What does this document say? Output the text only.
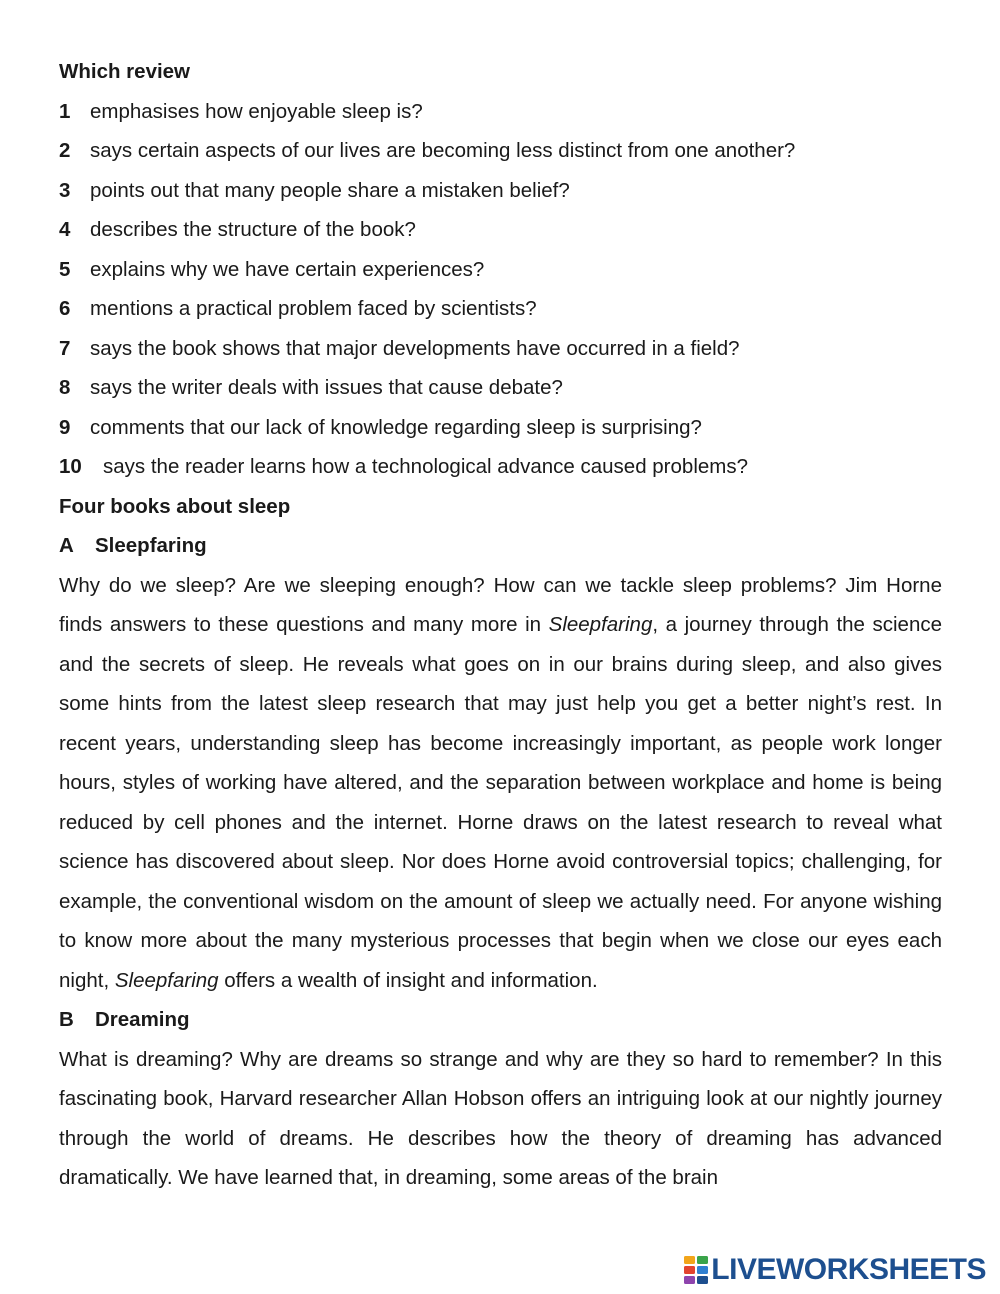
Which review
1 emphasises how enjoyable sleep is?
2 says certain aspects of our lives are becoming less distinct from one another?
3 points out that many people share a mistaken belief?
4 describes the structure of the book?
5 explains why we have certain experiences?
6 mentions a practical problem faced by scientists?
7 says the book shows that major developments have occurred in a field?
8 says the writer deals with issues that cause debate?
9 comments that our lack of knowledge regarding sleep is surprising?
10 says the reader learns how a technological advance caused problems?
Four books about sleep
A Sleepfaring
Why do we sleep? Are we sleeping enough? How can we tackle sleep problems? Jim Horne finds answers to these questions and many more in Sleepfaring, a journey through the science and the secrets of sleep. He reveals what goes on in our brains during sleep, and also gives some hints from the latest sleep research that may just help you get a better night’s rest. In recent years, understanding sleep has become increasingly important, as people work longer hours, styles of working have altered, and the separation between workplace and home is being reduced by cell phones and the internet. Horne draws on the latest research to reveal what science has discovered about sleep. Nor does Horne avoid controversial topics; challenging, for example, the conventional wisdom on the amount of sleep we actually need. For anyone wishing to know more about the many mysterious processes that begin when we close our eyes each night, Sleepfaring offers a wealth of insight and information.
B Dreaming
What is dreaming? Why are dreams so strange and why are they so hard to remember? In this fascinating book, Harvard researcher Allan Hobson offers an intriguing look at our nightly journey through the world of dreams. He describes how the theory of dreaming has advanced dramatically. We have learned that, in dreaming, some areas of the brain
LIVEWORKSHEETS
